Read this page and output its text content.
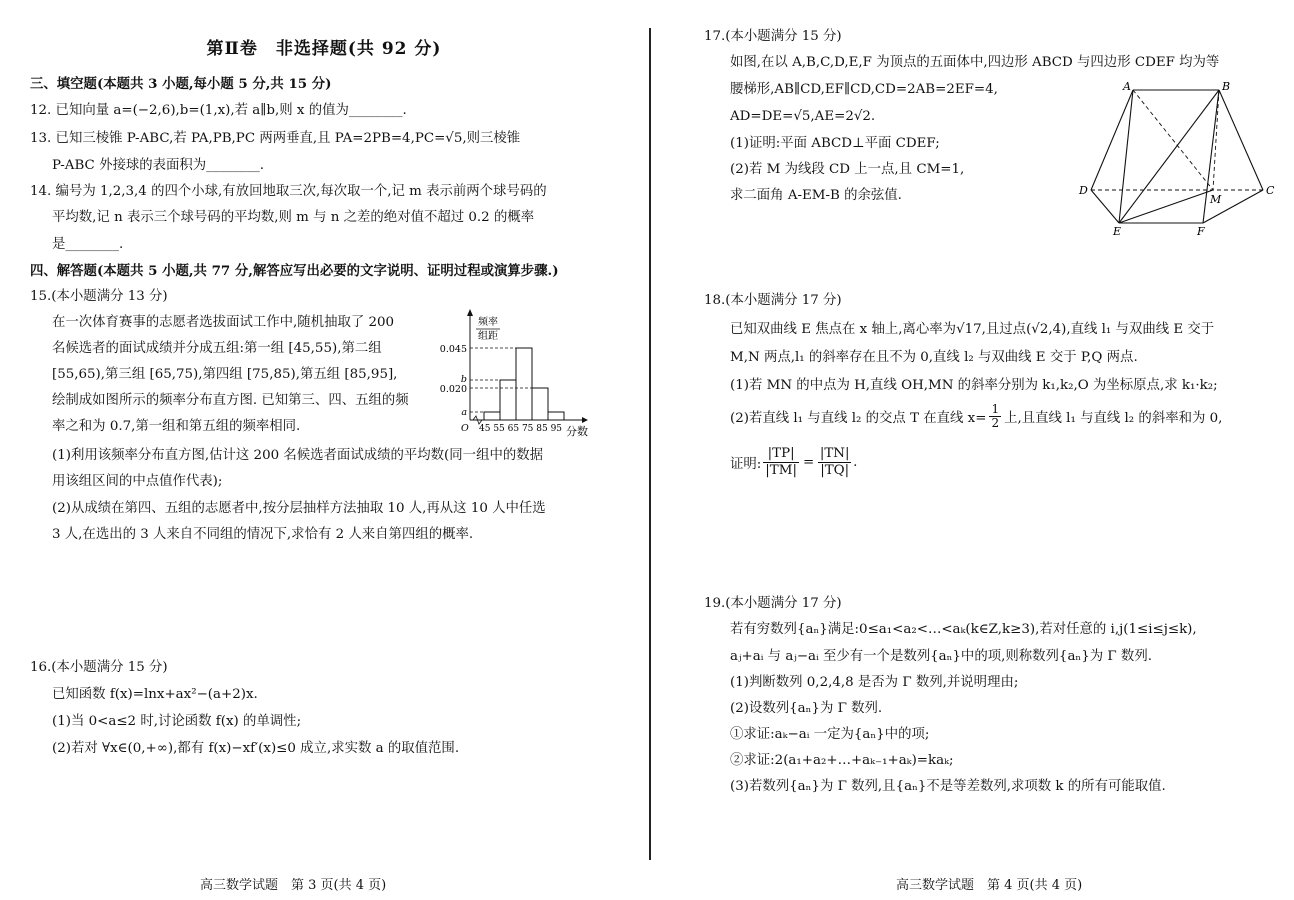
第Ⅱ卷　非选择题(共 92 分)
三、填空题(本题共 3 小题,每小题 5 分,共 15 分)
12. 已知向量 a=(−2,6),b=(1,x),若 a∥b,则 x 的值为________.
13. 已知三棱锥 P-ABC,若 PA,PB,PC 两两垂直,且 PA=2PB=4,PC=√5,则三棱锥
P-ABC 外接球的表面积为________.
14. 编号为 1,2,3,4 的四个小球,有放回地取三次,每次取一个,记 m 表示前两个球号码的
平均数,记 n 表示三个球号码的平均数,则 m 与 n 之差的绝对值不超过 0.2 的概率
是________.
四、解答题(本题共 5 小题,共 77 分,解答应写出必要的文字说明、证明过程或演算步骤.)
15.(本小题满分 13 分)
在一次体育赛事的志愿者选拔面试工作中,随机抽取了 200
名候选者的面试成绩并分成五组:第一组 [45,55),第二组
[55,65),第三组 [65,75),第四组 [75,85),第五组 [85,95],
绘制成如图所示的频率分布直方图. 已知第三、四、五组的频
率之和为 0.7,第一组和第五组的频率相同.
(1)利用该频率分布直方图,估计这 200 名候选者面试成绩的平均数(同一组中的数据
用该组区间的中点值作代表);
(2)从成绩在第四、五组的志愿者中,按分层抽样方法抽取 10 人,再从这 10 人中任选
3 人,在选出的 3 人来自不同组的情况下,求恰有 2 人来自第四组的概率.
频率
组距
0.045
b
0.020
a
O 45 55 65 75 85 95 分数
16.(本小题满分 15 分)
已知函数 f(x)=lnx+ax²−(a+2)x.
(1)当 0<a≤2 时,讨论函数 f(x) 的单调性;
(2)若对 ∀x∈(0,+∞),都有 f(x)−xf′(x)≤0 成立,求实数 a 的取值范围.
高三数学试题　第 3 页(共 4 页)
17.(本小题满分 15 分)
如图,在以 A,B,C,D,E,F 为顶点的五面体中,四边形 ABCD 与四边形 CDEF 均为等
腰梯形,AB∥CD,EF∥CD,CD=2AB=2EF=4,
AD=DE=√5,AE=2√2.
(1)证明:平面 ABCD⊥平面 CDEF;
(2)若 M 为线段 CD 上一点,且 CM=1,
求二面角 A-EM-B 的余弦值.
A	B
C
D
E	F
M
18.(本小题满分 17 分)
已知双曲线 E 焦点在 x 轴上,离心率为√17,且过点(√2,4),直线 l₁ 与双曲线 E 交于
M,N 两点,l₁ 的斜率存在且不为 0,直线 l₂ 与双曲线 E 交于 P,Q 两点.
(1)若 MN 的中点为 H,直线 OH,MN 的斜率分别为 k₁,k₂,O 为坐标原点,求 k₁·k₂;
(2)若直线 l₁ 与直线 l₂ 的交点 T 在直线 $x= \frac{1}{2}$ 上,且直线 l₁ 与直线 l₂ 的斜率和为 0,
证明: $\frac{|TP|}{|TM|} = \frac{|TN|}{|TQ|}$ .
19.(本小题满分 17 分)
若有穷数列{aₙ}满足:0≤a₁<a₂<…<aₖ(k∈Z,k≥3),若对任意的 i,j(1≤i≤j≤k),
aⱼ+aᵢ 与 aⱼ−aᵢ 至少有一个是数列{aₙ}中的项,则称数列{aₙ}为 Γ 数列.
(1)判断数列 0,2,4,8 是否为 Γ 数列,并说明理由;
(2)设数列{aₙ}为 Γ 数列.
①求证:aₖ−aᵢ 一定为{aₙ}中的项;
②求证:2(a₁+a₂+…+aₖ₋₁+aₖ)=kaₖ;
(3)若数列{aₙ}为 Γ 数列,且{aₙ}不是等差数列,求项数 k 的所有可能取值.
高三数学试题　第 4 页(共 4 页)
